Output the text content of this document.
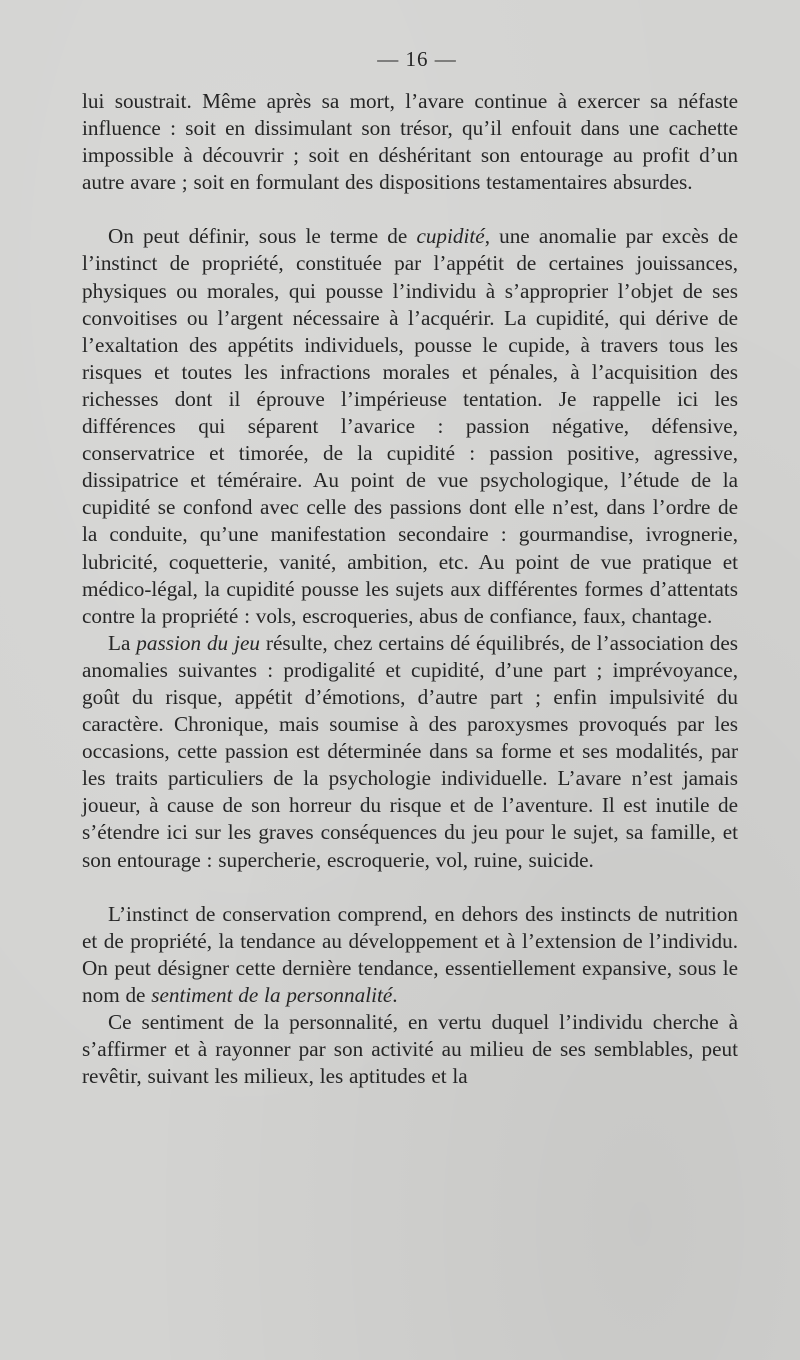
— 16 —

lui soustrait. Même après sa mort, l’avare continue à exercer sa néfaste influence : soit en dissimulant son trésor, qu’il enfouit dans une cachette impossible à découvrir ; soit en déshéritant son entourage au profit d’un autre avare ; soit en formulant des dispositions testamentaires absurdes.

On peut définir, sous le terme de cupidité, une anomalie par excès de l’instinct de propriété, constituée par l’appétit de certaines jouissances, physiques ou morales, qui pousse l’individu à s’approprier l’objet de ses convoitises ou l’argent nécessaire à l’acquérir. La cupidité, qui dérive de l’exaltation des appétits individuels, pousse le cupide, à travers tous les risques et toutes les infractions morales et pénales, à l’acquisition des richesses dont il éprouve l’impérieuse tentation. Je rappelle ici les différences qui séparent l’avarice : passion négative, défensive, conservatrice et timorée, de la cupidité : passion positive, agressive, dissipatrice et téméraire. Au point de vue psychologique, l’étude de la cupidité se confond avec celle des passions dont elle n’est, dans l’ordre de la conduite, qu’une manifestation secondaire : gourmandise, ivrognerie, lubricité, coquetterie, vanité, ambition, etc. Au point de vue pratique et médico-légal, la cupidité pousse les sujets aux différentes formes d’attentats contre la propriété : vols, escroqueries, abus de confiance, faux, chantage.

La passion du jeu résulte, chez certains dé équilibrés, de l’association des anomalies suivantes : prodigalité et cupidité, d’une part ; imprévoyance, goût du risque, appétit d’émotions, d’autre part ; enfin impulsivité du caractère. Chronique, mais soumise à des paroxysmes provoqués par les occasions, cette passion est déterminée dans sa forme et ses modalités, par les traits particuliers de la psychologie individuelle. L’avare n’est jamais joueur, à cause de son horreur du risque et de l’aventure. Il est inutile de s’étendre ici sur les graves conséquences du jeu pour le sujet, sa famille, et son entourage : supercherie, escroquerie, vol, ruine, suicide.

L’instinct de conservation comprend, en dehors des instincts de nutrition et de propriété, la tendance au développement et à l’extension de l’individu. On peut désigner cette dernière tendance, essentiellement expansive, sous le nom de sentiment de la personnalité.

Ce sentiment de la personnalité, en vertu duquel l’individu cherche à s’affirmer et à rayonner par son activité au milieu de ses semblables, peut revêtir, suivant les milieux, les aptitudes et la
